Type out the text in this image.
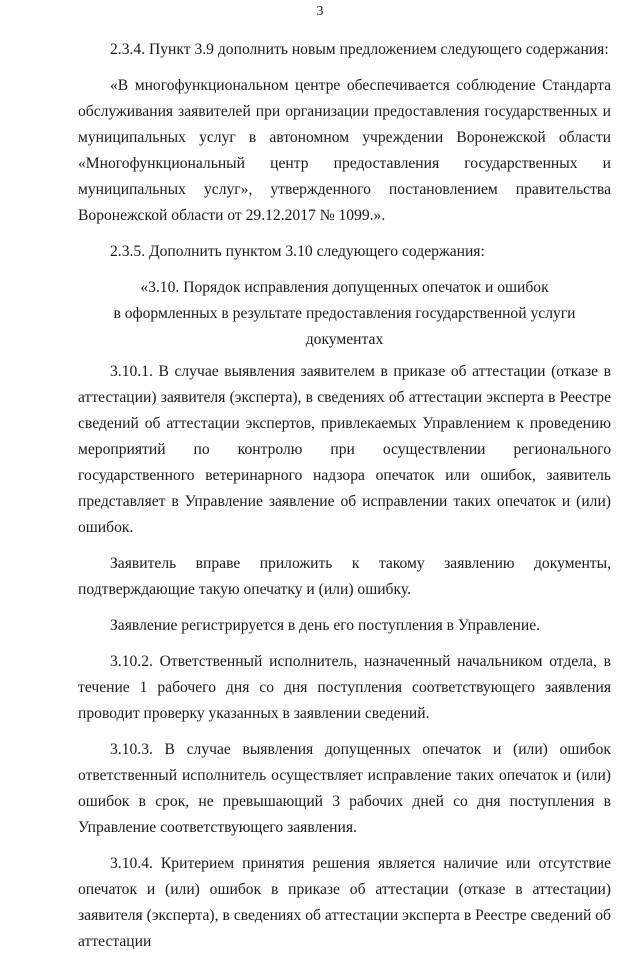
3

2.3.4. Пункт 3.9 дополнить новым предложением следующего содержания:

«В многофункциональном центре обеспечивается соблюдение Стандарта обслуживания заявителей при организации предоставления государственных и муниципальных услуг в автономном учреждении Воронежской области «Многофункциональный центр предоставления государственных и муниципальных услуг», утвержденного постановлением правительства Воронежской области от 29.12.2017 № 1099.».

2.3.5. Дополнить пунктом 3.10 следующего содержания:

«3.10. Порядок исправления допущенных опечаток и ошибок
в оформленных в результате предоставления государственной услуги
документах

3.10.1. В случае выявления заявителем в приказе об аттестации (отказе в аттестации) заявителя (эксперта), в сведениях об аттестации эксперта в Реестре сведений об аттестации экспертов, привлекаемых Управлением к проведению мероприятий по контролю при осуществлении регионального государственного ветеринарного надзора опечаток или ошибок, заявитель представляет в Управление заявление об исправлении таких опечаток и (или) ошибок.

Заявитель вправе приложить к такому заявлению документы, подтверждающие такую опечатку и (или) ошибку.

Заявление регистрируется в день его поступления в Управление.

3.10.2. Ответственный исполнитель, назначенный начальником отдела, в течение 1 рабочего дня со дня поступления соответствующего заявления проводит проверку указанных в заявлении сведений.

3.10.3. В случае выявления допущенных опечаток и (или) ошибок ответственный исполнитель осуществляет исправление таких опечаток и (или) ошибок в срок, не превышающий 3 рабочих дней со дня поступления в Управление соответствующего заявления.

3.10.4. Критерием принятия решения является наличие или отсутствие опечаток и (или) ошибок в приказе об аттестации (отказе в аттестации) заявителя (эксперта), в сведениях об аттестации эксперта в Реестре сведений об аттестации
